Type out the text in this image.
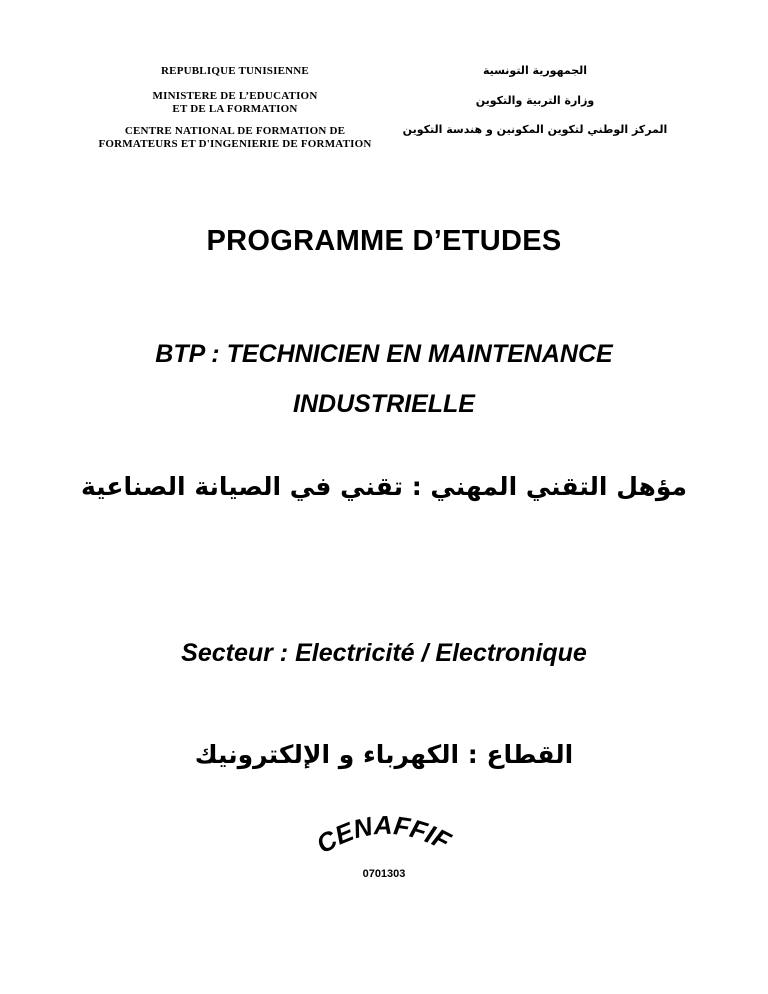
REPUBLIQUE TUNISIENNE
MINISTERE DE L’EDUCATION
ET DE LA FORMATION
CENTRE NATIONAL DE FORMATION DE
FORMATEURS ET D'INGENIERIE DE FORMATION
الجمهورية التونسية
وزارة التربية والتكوين
المركز الوطني لتكوين المكونين و هندسة التكوين
PROGRAMME D’ETUDES
BTP : TECHNICIEN EN MAINTENANCE
INDUSTRIELLE
مؤهل التقني المهني : تقني في الصيانة الصناعية
Secteur : Electricité / Electronique
القطاع : الكهرباء و الإلكترونيك
CENAFFIF
0701303
